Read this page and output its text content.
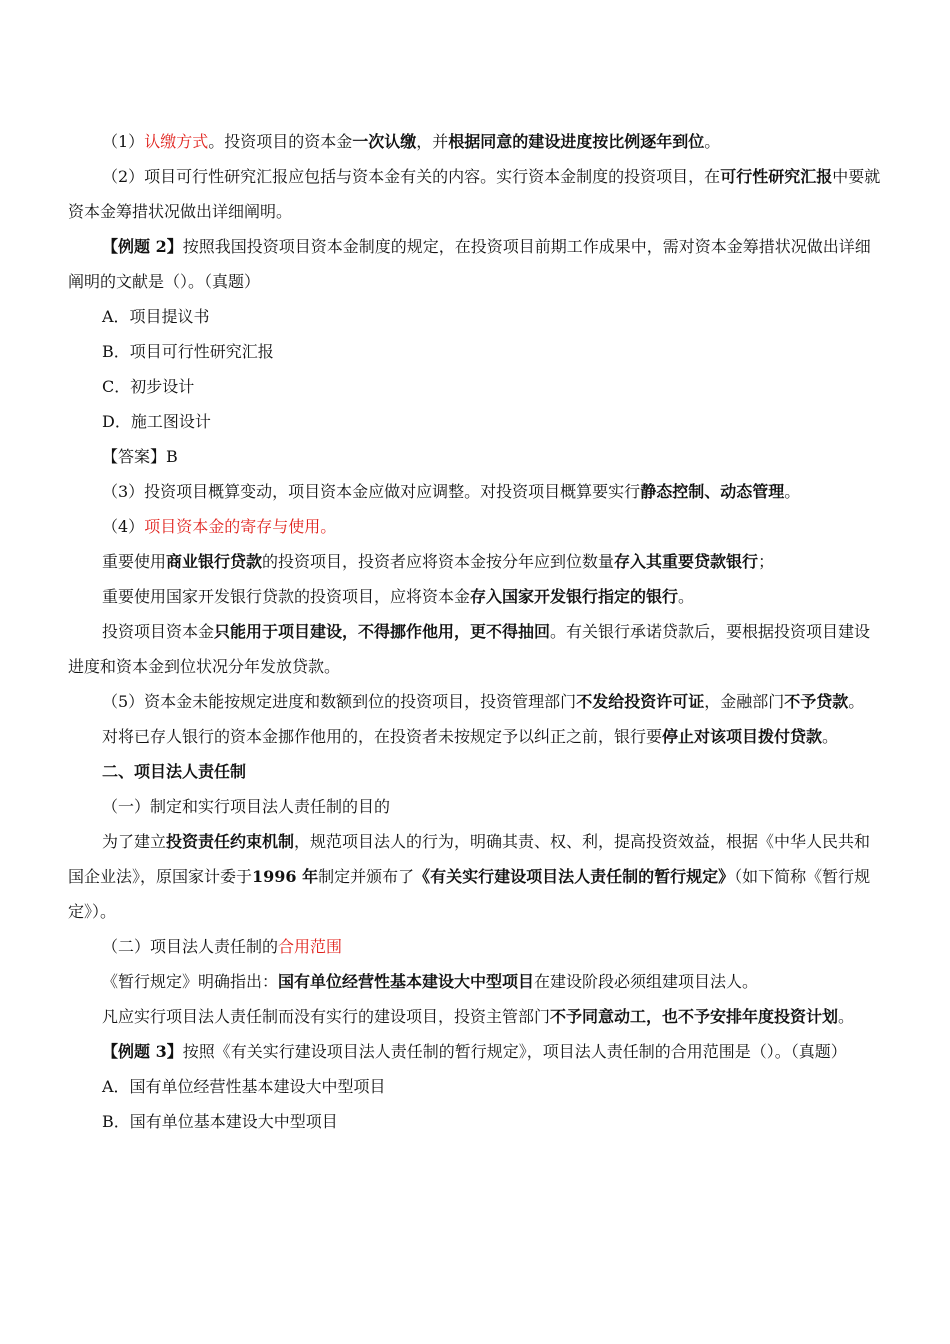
（1）认缴方式。投资项目的资本金一次认缴，并根据同意的建设进度按比例逐年到位。

（2）项目可行性研究汇报应包括与资本金有关的内容。实行资本金制度的投资项目，在可行性研究汇报中要就资本金筹措状况做出详细阐明。

【例题 2】按照我国投资项目资本金制度的规定，在投资项目前期工作成果中，需对资本金筹措状况做出详细阐明的文献是（）。（真题）

A．项目提议书

B．项目可行性研究汇报

C．初步设计

D．施工图设计

【答案】B

（3）投资项目概算变动，项目资本金应做对应调整。对投资项目概算要实行静态控制、动态管理。

（4）项目资本金的寄存与使用。

重要使用商业银行贷款的投资项目，投资者应将资本金按分年应到位数量存入其重要贷款银行；

重要使用国家开发银行贷款的投资项目，应将资本金存入国家开发银行指定的银行。

投资项目资本金只能用于项目建设，不得挪作他用，更不得抽回。有关银行承诺贷款后，要根据投资项目建设进度和资本金到位状况分年发放贷款。

（5）资本金未能按规定进度和数额到位的投资项目，投资管理部门不发给投资许可证，金融部门不予贷款。

对将已存人银行的资本金挪作他用的，在投资者未按规定予以纠正之前，银行要停止对该项目拨付贷款。

二、项目法人责任制

（一）制定和实行项目法人责任制的目的

为了建立投资责任约束机制，规范项目法人的行为，明确其责、权、利，提高投资效益，根据《中华人民共和国企业法》，原国家计委于1996 年制定并颁布了《有关实行建设项目法人责任制的暂行规定》（如下简称《暂行规定》）。

（二）项目法人责任制的合用范围

《暂行规定》明确指出：国有单位经营性基本建设大中型项目在建设阶段必须组建项目法人。

凡应实行项目法人责任制而没有实行的建设项目，投资主管部门不予同意动工，也不予安排年度投资计划。

【例题 3】按照《有关实行建设项目法人责任制的暂行规定》，项目法人责任制的合用范围是（）。（真题）

A．国有单位经营性基本建设大中型项目

B．国有单位基本建设大中型项目
